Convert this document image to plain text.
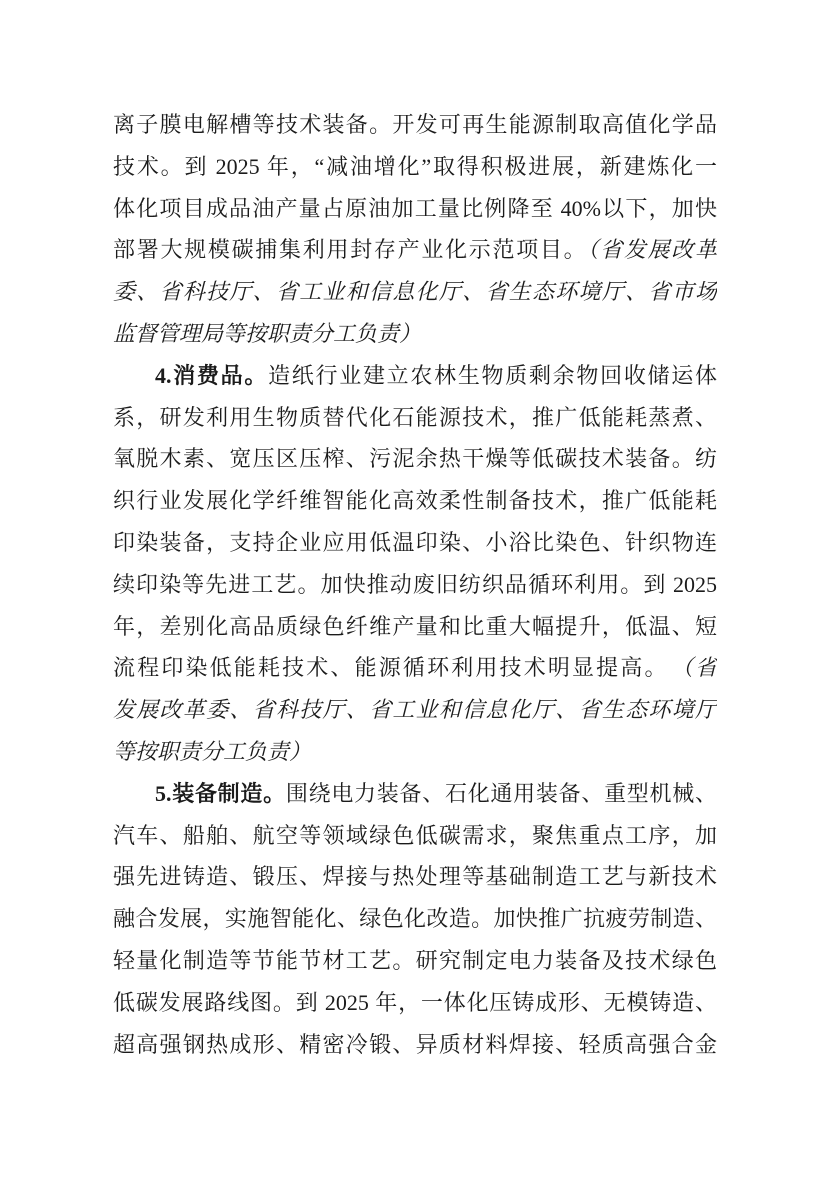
离子膜电解槽等技术装备。开发可再生能源制取高值化学品
技术。到 2025 年，“减油增化”取得积极进展，新建炼化一
体化项目成品油产量占原油加工量比例降至 40%以下，加快
部署大规模碳捕集利用封存产业化示范项目。（省发展改革
委、省科技厅、省工业和信息化厅、省生态环境厅、省市场
监督管理局等按职责分工负责）
4.消费品。造纸行业建立农林生物质剩余物回收储运体
系，研发利用生物质替代化石能源技术，推广低能耗蒸煮、
氧脱木素、宽压区压榨、污泥余热干燥等低碳技术装备。纺
织行业发展化学纤维智能化高效柔性制备技术，推广低能耗
印染装备，支持企业应用低温印染、小浴比染色、针织物连
续印染等先进工艺。加快推动废旧纺织品循环利用。到 2025
年，差别化高品质绿色纤维产量和比重大幅提升，低温、短
流程印染低能耗技术、能源循环利用技术明显提高。　（省
发展改革委、省科技厅、省工业和信息化厅、省生态环境厅
等按职责分工负责）
5.装备制造。围绕电力装备、石化通用装备、重型机械、
汽车、船舶、航空等领域绿色低碳需求，聚焦重点工序，加
强先进铸造、锻压、焊接与热处理等基础制造工艺与新技术
融合发展，实施智能化、绿色化改造。加快推广抗疲劳制造、
轻量化制造等节能节材工艺。研究制定电力装备及技术绿色
低碳发展路线图。到 2025 年，一体化压铸成形、无模铸造、
超高强钢热成形、精密冷锻、异质材料焊接、轻质高强合金
